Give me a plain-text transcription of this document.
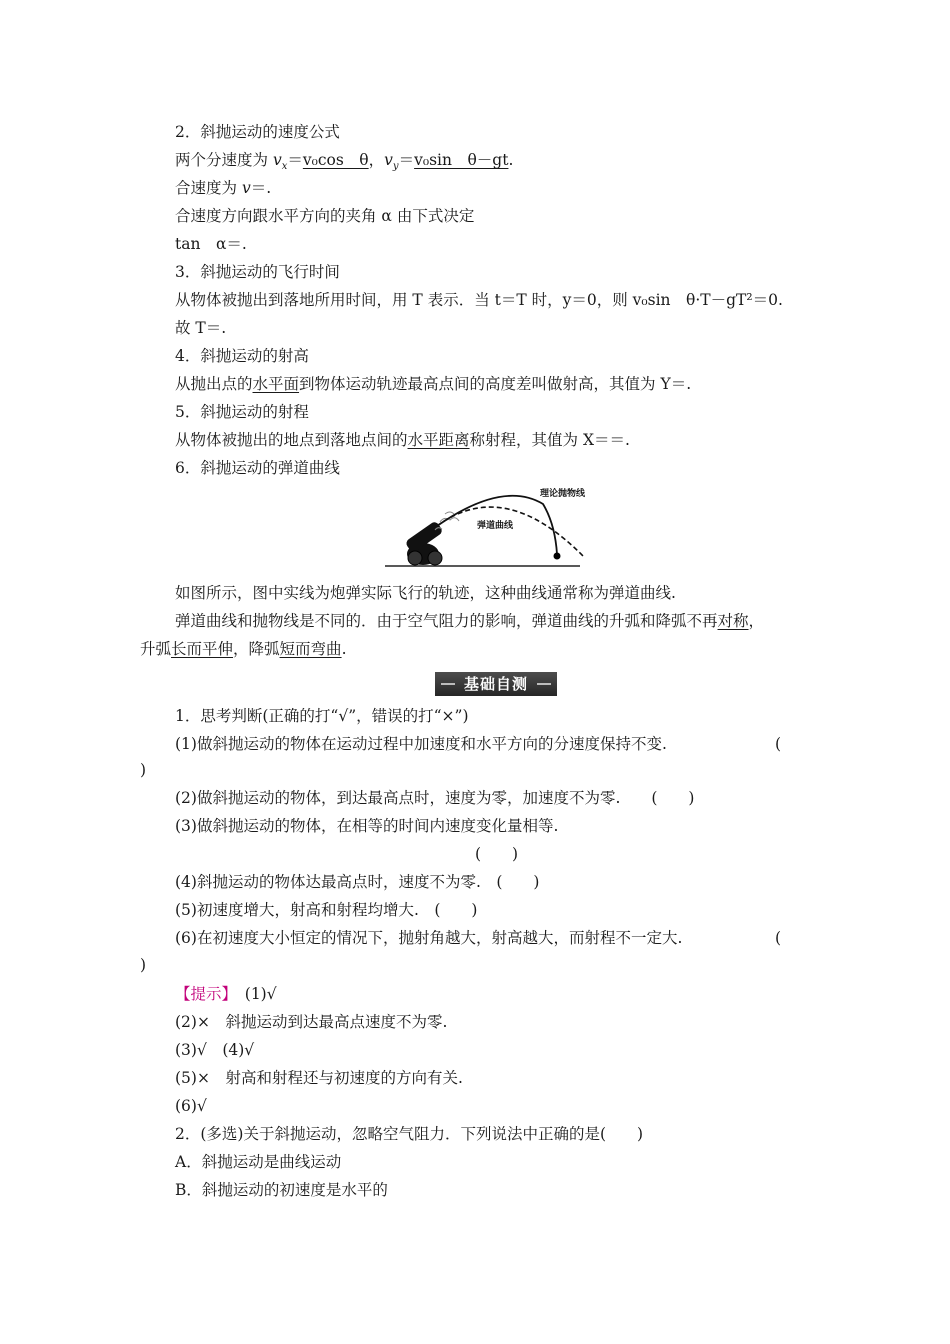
2．斜抛运动的速度公式
两个分速度为 $v_x=v_0\cos$　θ，$v_y=v_0\sin$　θ－gt.
合速度为 v＝.
合速度方向跟水平方向的夹角 α 由下式决定
tan　α＝.
3．斜抛运动的飞行时间
从物体被抛出到落地所用时间，用 T 表示．当 t＝T 时，y＝0，则 v₀sin　θ·T－gT²＝0.
故 T＝.
4．斜抛运动的射高
从抛出点的水平面到物体运动轨迹最高点间的高度差叫做射高，其值为 Y＝.
5．斜抛运动的射程
从物体被抛出的地点到落地点间的水平距离称射程，其值为 X＝＝.
6．斜抛运动的弹道曲线
理论抛物线
弹道曲线
如图所示，图中实线为炮弹实际飞行的轨迹，这种曲线通常称为弹道曲线.
弹道曲线和抛物线是不同的．由于空气阻力的影响，弹道曲线的升弧和降弧不再对称，
升弧长而平伸，降弧短而弯曲.
基础自测
1．思考判断(正确的打“√”，错误的打“×”)
(1)做斜抛运动的物体在运动过程中加速度和水平方向的分速度保持不变.	(
)
(2)做斜抛运动的物体，到达最高点时，速度为零，加速度不为零.　　(　　)
(3)做斜抛运动的物体，在相等的时间内速度变化量相等.
(　　)
(4)斜抛运动的物体达最高点时，速度不为零.　(　　)
(5)初速度增大，射高和射程均增大.　(　　)
(6)在初速度大小恒定的情况下，抛射角越大，射高越大，而射程不一定大.	(
)
【提示】　(1)√
(2)×　斜抛运动到达最高点速度不为零.
(3)√　(4)√
(5)×　射高和射程还与初速度的方向有关.
(6)√
2．(多选)关于斜抛运动，忽略空气阻力．下列说法中正确的是(　　)
A．斜抛运动是曲线运动
B．斜抛运动的初速度是水平的
